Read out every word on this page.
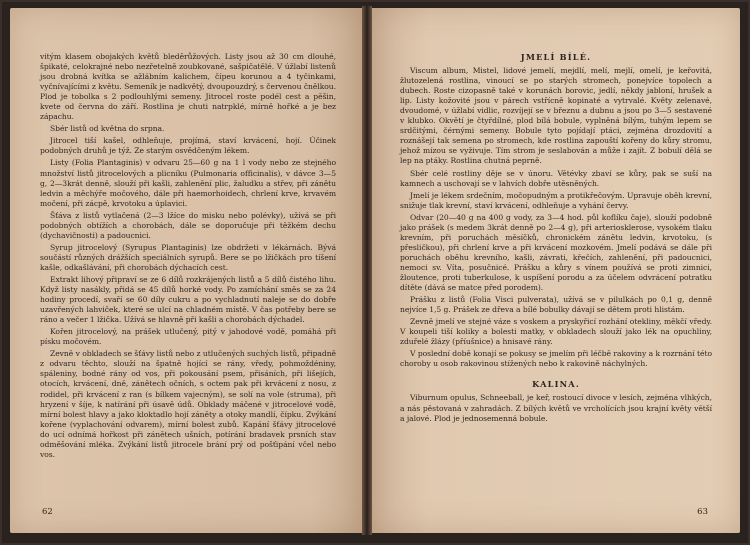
vitým klasem obojakých květů bleděrůžových. Listy jsou až 30 cm dlouhé, špikaté, celokrajné nebo nezřetelně zoubkované, sašpičatělé. V úžlabí listenů jsou drobná kvítka se ažlábním kalichem, čípeu korunou a 4 tyčinkami, vyčnívajícími z květu. Semeník je nadkvětý, dvoupouzdrý, s červenou čnělkou. Plod je tobolka s 2 podlouhlými semeny. Jitrocel roste podél cest a pěšin, kvete od června do září. Rostlina je chuti natrpklé, mírně hořké a je bez zápachu.

Sbér listů od května do srpna.

Jitrocel tiší kašel, odhleňuje, projímá, staví krvácení, hojí. Účinek podobných druhů je týž. Ze starým osvědčeným lékem.

Listy (Folia Plantaginis) v odvaru 25—60 g na 1 l vody nebo ze stejného množství listů jitrocelových a plicníku (Pulmonaria officinalis), v dávce 3—5 g, 2—3krát denně, slouží při kašli, zahlenění plic, žaludku a střev, při zánětu ledvin a měchýře močového, dále při haemorhoidech, chrlení krve, krvavém močení, při zácpě, krvotoku a úplavici.

Šťáva z listů vytlačená (2—3 lžíce do misku nebo polévky), užívá se při podobných obtížích a chorobách, dále se doporučuje při těžkém dechu (dychavičnosti) a padoucnici.

Syrup jitrocelový (Syrupus Plantaginis) lze obdržeti v lékárnách. Bývá součástí různých drážších speciálních syrupů. Bere se po lžičkách pro tíšení kašle, odkašlávání, při chorobách dýchacích cest.

Extrakt lihový připraví se ze 6 dílů rozkrájených listů a 5 dílů čistého lihu. Když listy nasákly, přidá se 45 dílů horké vody. Po zamíchání směs se za 24 hodiny procedí, svaří se 60 díly cukru a po vychladnutí naleje se do dobře uzavřených lahviček, které se ulcí na chladném místě. V čas potřeby bere se ráno a večer 1 lžička. Užívá se hlavně při kašli a chorobách dýchadel.

Kořen jitrocelový, na prášek utlučený, pitý v jahodové vodě, pomáhá při písku močovém.

Zevně v obkladech se šťávy listů nebo z utlučených suchých listů, připadně z odvaru těchto, slouží na špatně hojící se rány, vředy, pohmoždéniny, spáleniny, bodné rány od vos, při pokousání psem, přisáních, při lišejích, otocích, krvácení, dně, zánětech očních, s octem pak při krvácení z nosu, z rodidel, při krvácení z ran (s bílkem vajecným), se solí na vole (struma), při hryzení v šíje, k natírání při úsavě údů. Obklady máčené v jitrocelové vodě, mírní bolest hlavy a jako kloktadlo hojí záněty a otoky mandlí, čípku. Zvýkání kořene (vyplachování odvarem), mírní bolest zubů. Kapání šťávy jitrocelové do ucí odnímá hořkost při zánětech ušních, potírání bradavek prsních stav odměšování mléka. Zvýkání listů jitrocele brání prý od pošťipání včel nebo vos.

62
JMELÍ BÍLÉ.

Viscum album, Mistel, lidové jemelí, mejdlí, melí, mejlí, omelí, je keřovitá, žlutozelená rostlina, vinoucí se po starých stromech, ponejvíce topolech a dubech. Roste cizopasně také v korunách borovic, jedlí, někdy jabloní, hrušek a lip. Listy kožovité jsou v párech vstřícně kopinaté a vytrvalé. Květy zelenavé, dvoudomé, v úžlabí vidlic, rozvíjejí se v březnu a dubnu a jsou po 3—5 sestavené v klubko. Okvětí je čtyřdílné, plod bílá bobule, vyplněná bílým, tuhým lepem se srdčitými, čérnými semeny. Bobule tyto pojídají ptáci, zejména drozdovití a roznášejí tak semena po stromech, kde rostlina zapouští kořeny do kůry stromu, jehož mízou se vyživuje. Tím strom je seslabován a může i zajít. Z bobulí dělá se lep na ptáky. Rostlina chutná peprně.

Sbér celé rostliny děje se v únoru. Větévky zbaví se kůry, pak se suší na kamnech a uschovají se v lahvích dobře utěsněných.

Jmelí je lékem srdečním, močopudným a protikřečovým. Upravuje oběh krevní, snižuje tlak krevní, staví krvácení, odhleňuje a vyhání červy.

Odvar (20—40 g na 400 g vody, za 3—4 hod. půl koflíku čaje), slouží podobně jako prášek (s medem 3krát denně po 2—4 g), při arteriosklerose, vysokém tlaku krevním, při poruchách měsíčků, chronickém zánětu ledvin, krvotoku, (s přesličkou), při chrlení krve a při krvácení mozkovém. Jmelí podává se dále při poruchách oběhu krevního, kašli, závrati, křečích, zahlenění, při padoucnici, nemoci sv. Víta, posučnicé. Prášku a kůry s vínem používá se proti zimnici, žloutence, proti tuberkulose, k uspíšení porodu a za účelem odvrácení potratku dítěte (dává se matce před porodem).

Prášku z listů (Folia Visci pulverata), užívá se v pilulkách po 0,1 g, denně nejvíce 1,5 g. Prášek ze dřeva a bílé bobulky dávají se dětem proti hlistám.

Zevně jmelí ve stejné váze s voskem a pryskyřicí rozhání otekliny, měkčí vředy. V koupeli tiší koliky a bolesti matky, v obkladech slouží jako lék na opuchliny, zduřelé žlázy (příušnice) a hnisavé rány.

V poslední době konají se pokusy se jmelím při léčbě rakoviny a k rozrnání této choroby u osob rakovinou stížených nebo k rakovině náchylných.

KALINA.

Viburnum opulus, Schneeball, je keř, rostoucí divoce v lesích, zejména vlhkých, a nás pěstovaná v zahradách. Z bílých květů ve vrcholících jsou krajní květy větší a jalové. Plod je jednosemenná bobule.

63
